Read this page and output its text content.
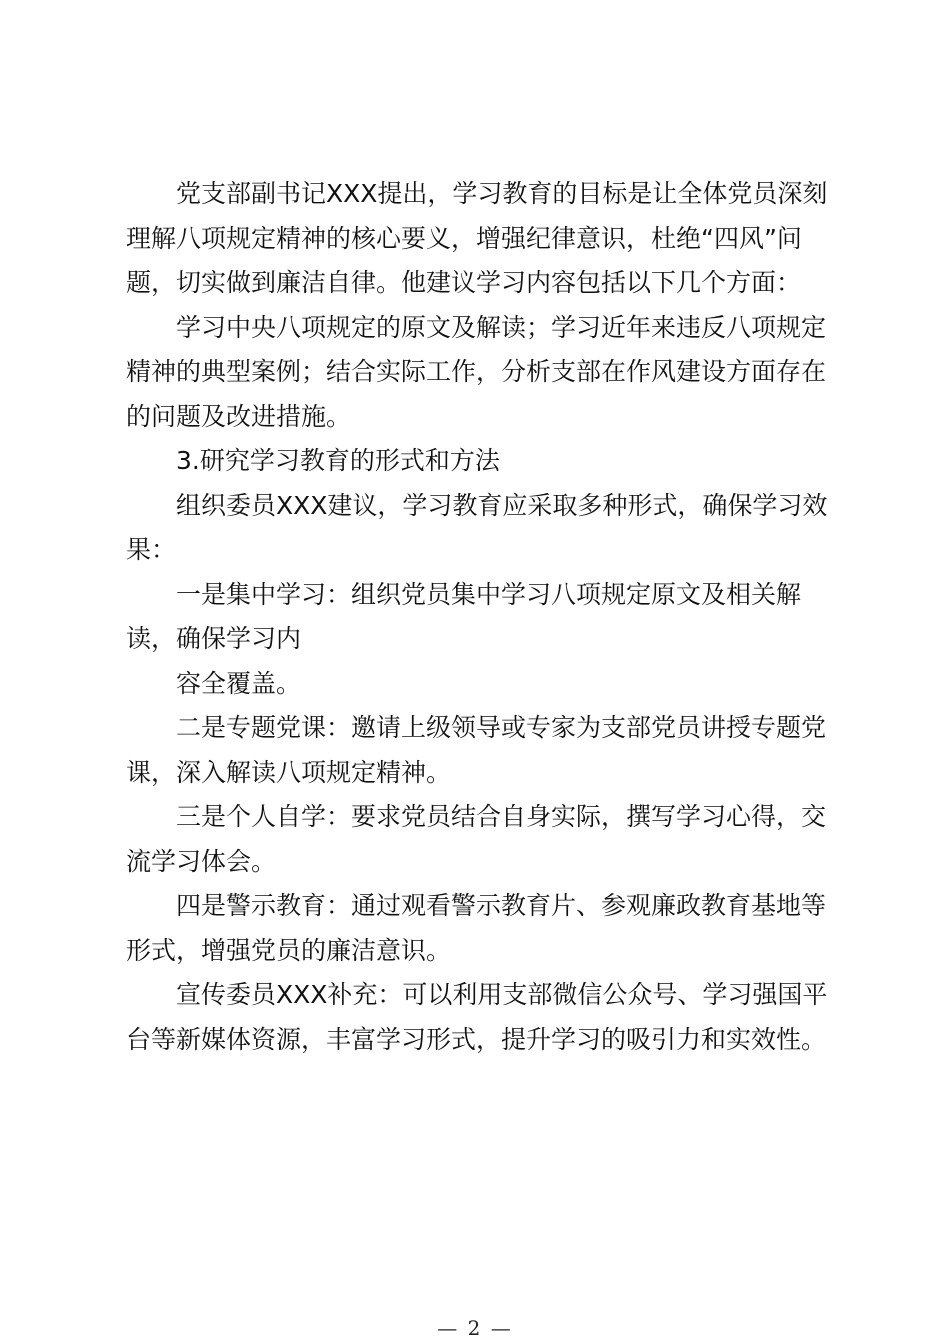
党支部副书记XXX提出，学习教育的目标是让全体党员深刻理解八项规定精神的核心要义，增强纪律意识，杜绝“四风”问题，切实做到廉洁自律。他建议学习内容包括以下几个方面：

学习中央八项规定的原文及解读；学习近年来违反八项规定精神的典型案例；结合实际工作，分析支部在作风建设方面存在的问题及改进措施。

3.研究学习教育的形式和方法

组织委员XXX建议，学习教育应采取多种形式，确保学习效果：

一是集中学习：组织党员集中学习八项规定原文及相关解读，确保学习内

容全覆盖。

二是专题党课：邀请上级领导或专家为支部党员讲授专题党课，深入解读八项规定精神。

三是个人自学：要求党员结合自身实际，撰写学习心得，交流学习体会。

四是警示教育：通过观看警示教育片、参观廉政教育基地等形式，增强党员的廉洁意识。

宣传委员XXX补充：可以利用支部微信公众号、学习强国平台等新媒体资源，丰富学习形式，提升学习的吸引力和实效性。

— 2 —
